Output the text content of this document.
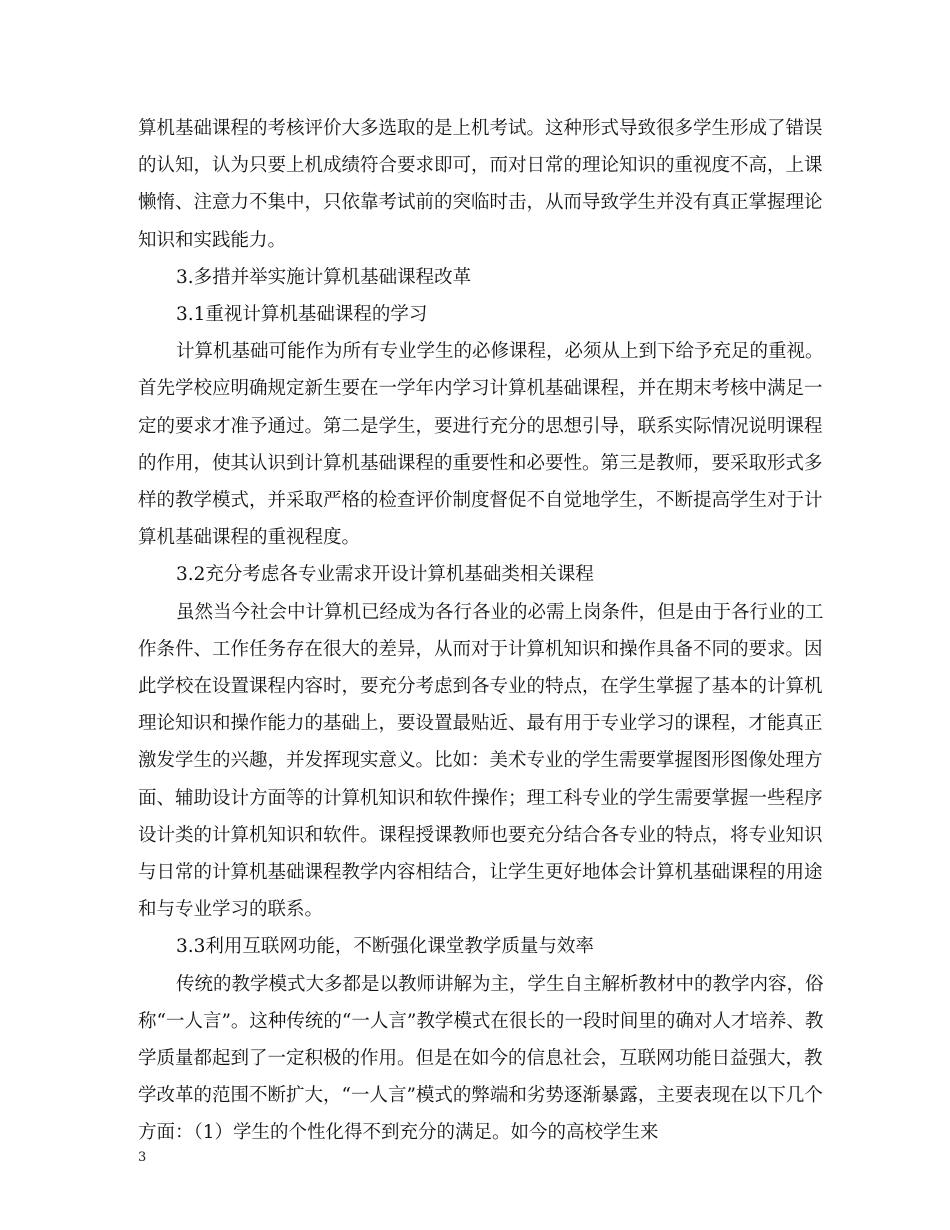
算机基础课程的考核评价大多选取的是上机考试。这种形式导致很多学生形成了错误的认知，认为只要上机成绩符合要求即可，而对日常的理论知识的重视度不高，上课懒惰、注意力不集中，只依靠考试前的突临时击，从而导致学生并没有真正掌握理论知识和实践能力。

3.多措并举实施计算机基础课程改革

3.1重视计算机基础课程的学习

计算机基础可能作为所有专业学生的必修课程，必须从上到下给予充足的重视。首先学校应明确规定新生要在一学年内学习计算机基础课程，并在期末考核中满足一定的要求才准予通过。第二是学生，要进行充分的思想引导，联系实际情况说明课程的作用，使其认识到计算机基础课程的重要性和必要性。第三是教师，要采取形式多样的教学模式，并采取严格的检查评价制度督促不自觉地学生，不断提高学生对于计算机基础课程的重视程度。

3.2充分考虑各专业需求开设计算机基础类相关课程

虽然当今社会中计算机已经成为各行各业的必需上岗条件，但是由于各行业的工作条件、工作任务存在很大的差异，从而对于计算机知识和操作具备不同的要求。因此学校在设置课程内容时，要充分考虑到各专业的特点，在学生掌握了基本的计算机理论知识和操作能力的基础上，要设置最贴近、最有用于专业学习的课程，才能真正激发学生的兴趣，并发挥现实意义。比如：美术专业的学生需要掌握图形图像处理方面、辅助设计方面等的计算机知识和软件操作；理工科专业的学生需要掌握一些程序设计类的计算机知识和软件。课程授课教师也要充分结合各专业的特点，将专业知识与日常的计算机基础课程教学内容相结合，让学生更好地体会计算机基础课程的用途和与专业学习的联系。

3.3利用互联网功能，不断强化课堂教学质量与效率

传统的教学模式大多都是以教师讲解为主，学生自主解析教材中的教学内容，俗称“一人言”。这种传统的“一人言”教学模式在很长的一段时间里的确对人才培养、教学质量都起到了一定积极的作用。但是在如今的信息社会，互联网功能日益强大，教学改革的范围不断扩大，“一人言”模式的弊端和劣势逐渐暴露，主要表现在以下几个方面：（1）学生的个性化得不到充分的满足。如今的高校学生来

3
